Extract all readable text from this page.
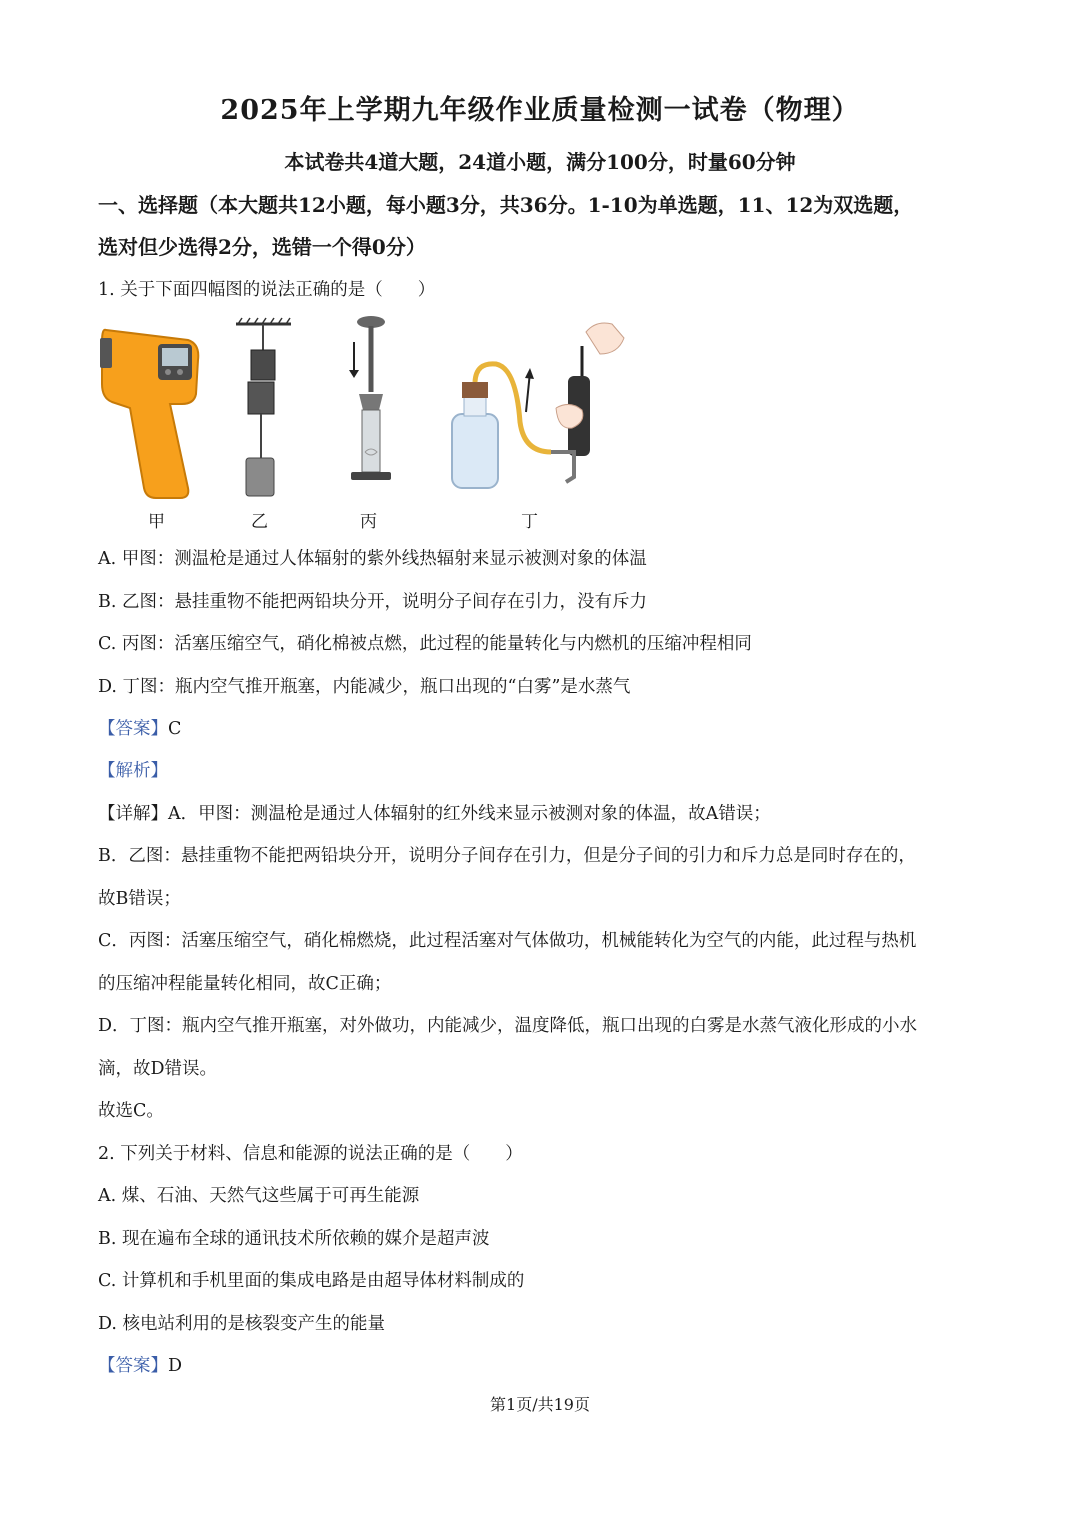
2025年上学期九年级作业质量检测一试卷（物理）
本试卷共4道大题，24道小题，满分100分，时量60分钟
一、选择题（本大题共12小题，每小题3分，共36分。1-10为单选题，11、12为双选题，
选对但少选得2分，选错一个得0分）
1. 关于下面四幅图的说法正确的是（　　）
甲	乙	丙	丁
A. 甲图：测温枪是通过人体辐射的紫外线热辐射来显示被测对象的体温
B. 乙图：悬挂重物不能把两铅块分开，说明分子间存在引力，没有斥力
C. 丙图：活塞压缩空气，硝化棉被点燃，此过程的能量转化与内燃机的压缩冲程相同
D. 丁图：瓶内空气推开瓶塞，内能减少，瓶口出现的“白雾”是水蒸气
【答案】C
【解析】
【详解】A．甲图：测温枪是通过人体辐射的红外线来显示被测对象的体温，故A错误；
B．乙图：悬挂重物不能把两铅块分开，说明分子间存在引力，但是分子间的引力和斥力总是同时存在的，
故B错误；
C．丙图：活塞压缩空气，硝化棉燃烧，此过程活塞对气体做功，机械能转化为空气的内能，此过程与热机
的压缩冲程能量转化相同，故C正确；
D．丁图：瓶内空气推开瓶塞，对外做功，内能减少，温度降低，瓶口出现的白雾是水蒸气液化形成的小水
滴，故D错误。
故选C。
2. 下列关于材料、信息和能源的说法正确的是（　　）
A. 煤、石油、天然气这些属于可再生能源
B. 现在遍布全球的通讯技术所依赖的媒介是超声波
C. 计算机和手机里面的集成电路是由超导体材料制成的
D. 核电站利用的是核裂变产生的能量
【答案】D
第1页/共19页
